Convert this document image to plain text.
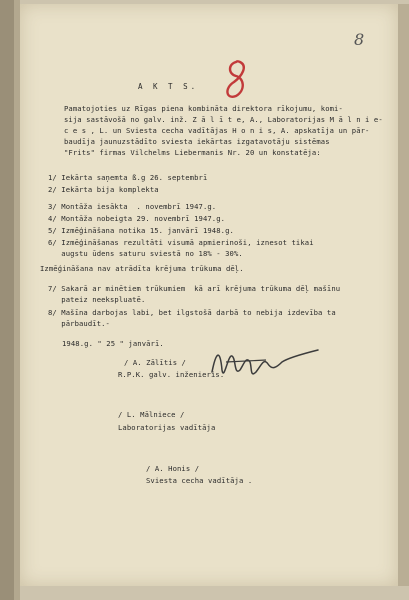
8
A K T S.
Pamatojoties uz Rīgas piena kombināta direktora rīkojumu, komi-
sija sastāvošā no galv. inž. Z ā l ī t e, A., Laboratorijas M ā l n i e-
c e s , L. un Sviesta cecha vadītājas H o n i s, A. apskatīja un pār-
baudīja jaunuzstādīto sviesta iekārtas izgatavotāju sistēmas
"Frits" firmas Vilchelms Liebermanis Nr. 20 un konstatēja:
1/ Iekārta saņemta ß.g 26. septembrī
2/ Iekārta bija komplekta
3/ Montāža iesākta  . novembrī 1947.g.
4/ Montāža nobeigta 29. novembrī 1947.g.
5/ Izmēģināšana notika 15. janvārī 1948.g.
6/ Izmēģināšanas rezultāti visumā apmierinoši, iznesot tikai
augstu ūdens saturu sviestā no 18% - 30%.
Izmēģināšana nav atrādīta krējuma trūkuma dēļ.
7/ Sakarā ar minētiem trūkumiem  kā arī krējuma trūkuma dēļ mašīnu
pateiz neekspluatē.
8/ Mašīna darbojas labi, bet ilgstošā darbā to nebija izdevība ta
pārbaudīt.-
1948.g. " 25 " janvārī.
/ A. Zālītis /
R.P.K. galv. inženieris.
/ L. Mālniece /
Laboratorijas vadītāja
/ A. Honis /
Sviesta cecha vadītāja .
